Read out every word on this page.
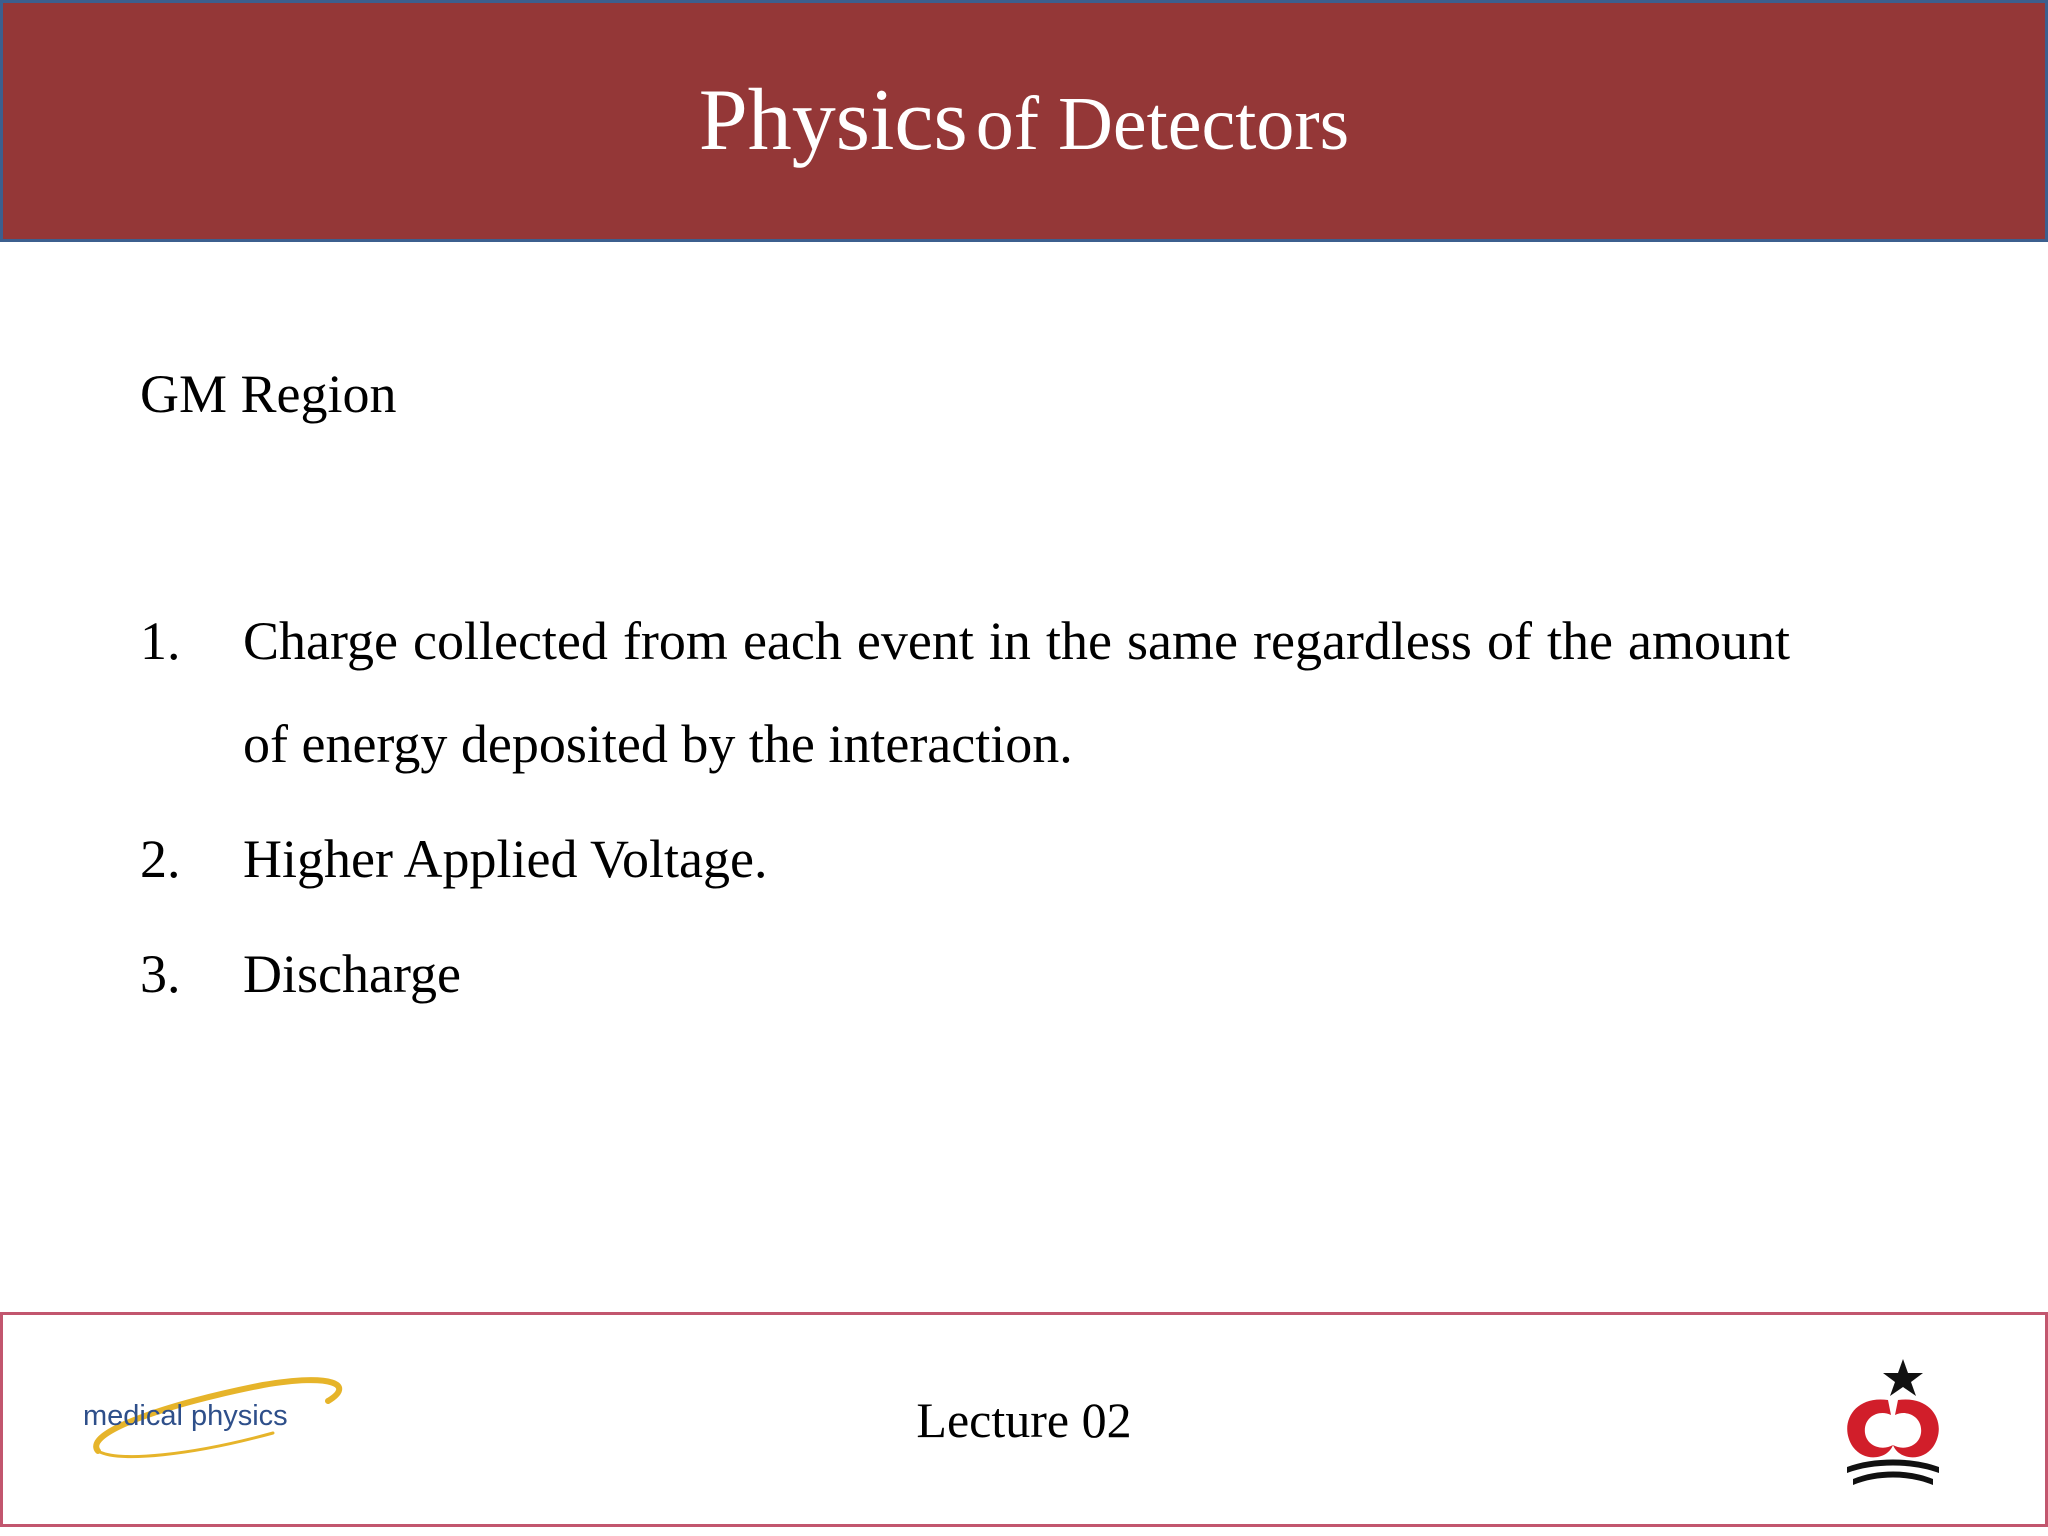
Physics of Detectors
GM Region
1.	Charge collected from each event in the same regardless of the amount of energy deposited by the interaction.
2.	Higher Applied Voltage.
3.	Discharge
medical physics	Lecture 02
